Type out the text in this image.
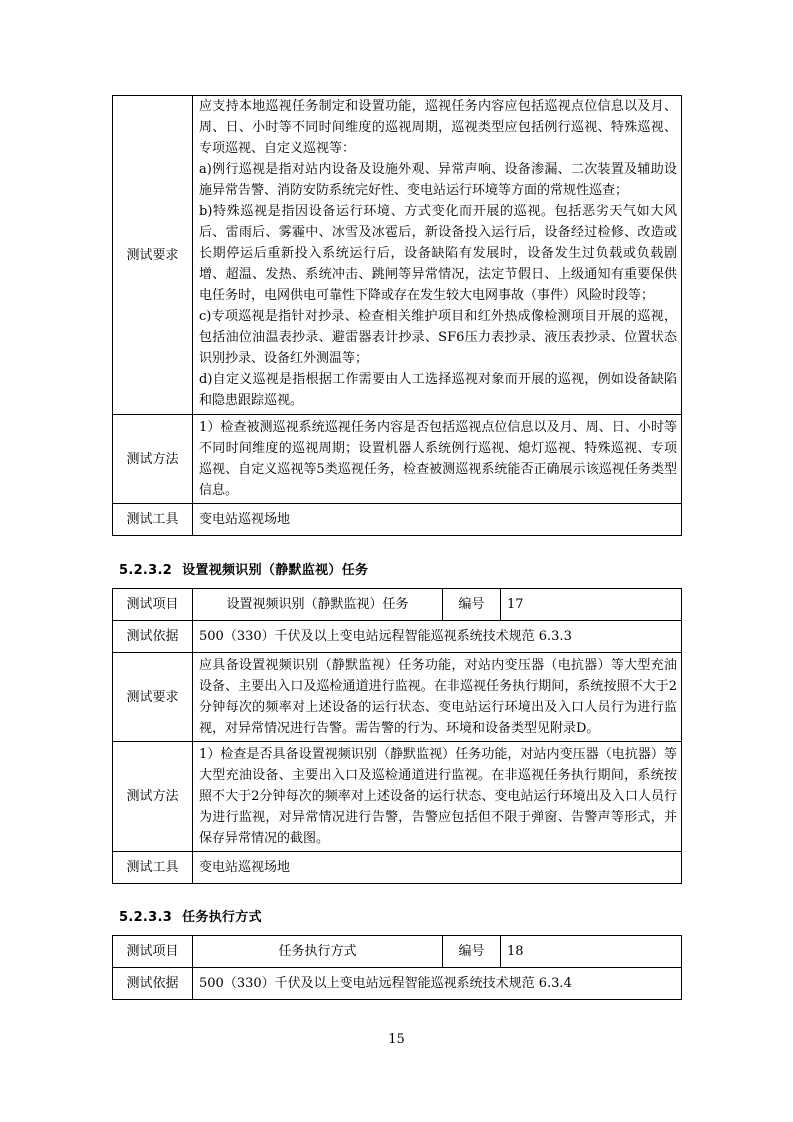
测试要求	应支持本地巡视任务制定和设置功能，巡视任务内容应包括巡视点位信息以及月、周、日、小时等不同时间维度的巡视周期，巡视类型应包括例行巡视、特殊巡视、专项巡视、自定义巡视等：

a)例行巡视是指对站内设备及设施外观、异常声响、设备渗漏、二次装置及辅助设施异常告警、消防安防系统完好性、变电站运行环境等方面的常规性巡查；

b)特殊巡视是指因设备运行环境、方式变化而开展的巡视。包括恶劣天气如大风后、雷雨后、雾霾中、冰雪及冰雹后，新设备投入运行后，设备经过检修、改造或长期停运后重新投入系统运行后，设备缺陷有发展时，设备发生过负载或负载剧增、超温、发热、系统冲击、跳闸等异常情况，法定节假日、上级通知有重要保供电任务时，电网供电可靠性下降或存在发生较大电网事故（事件）风险时段等；

c)专项巡视是指针对抄录、检查相关维护项目和红外热成像检测项目开展的巡视，包括油位油温表抄录、避雷器表计抄录、SF6压力表抄录、液压表抄录、位置状态识别抄录、设备红外测温等；

d)自定义巡视是指根据工作需要由人工选择巡视对象而开展的巡视，例如设备缺陷和隐患跟踪巡视。

测试方法	1）检查被测巡视系统巡视任务内容是否包括巡视点位信息以及月、周、日、小时等不同时间维度的巡视周期；设置机器人系统例行巡视、熄灯巡视、特殊巡视、专项巡视、自定义巡视等5类巡视任务，检查被测巡视系统能否正确展示该巡视任务类型信息。
测试工具	变电站巡视场地
5.2.3.2 设置视频识别（静默监视）任务
测试项目	设置视频识别（静默监视）任务	编号	17
测试依据	500（330）千伏及以上变电站远程智能巡视系统技术规范 6.3.3		
测试要求	应具备设置视频识别（静默监视）任务功能，对站内变压器（电抗器）等大型充油设备、主要出入口及巡检通道进行监视。在非巡视任务执行期间，系统按照不大于2分钟每次的频率对上述设备的运行状态、变电站运行环境出及入口人员行为进行监视，对异常情况进行告警。需告警的行为、环境和设备类型见附录D。		
测试方法	1）检查是否具备设置视频识别（静默监视）任务功能，对站内变压器（电抗器）等大型充油设备、主要出入口及巡检通道进行监视。在非巡视任务执行期间，系统按照不大于2分钟每次的频率对上述设备的运行状态、变电站运行环境出及入口人员行为进行监视，对异常情况进行告警，告警应包括但不限于弹窗、告警声等形式，并保存异常情况的截图。		
测试工具	变电站巡视场地		
5.2.3.3 任务执行方式
测试项目	任务执行方式	编号	18
测试依据	500（330）千伏及以上变电站远程智能巡视系统技术规范 6.3.4		
15
